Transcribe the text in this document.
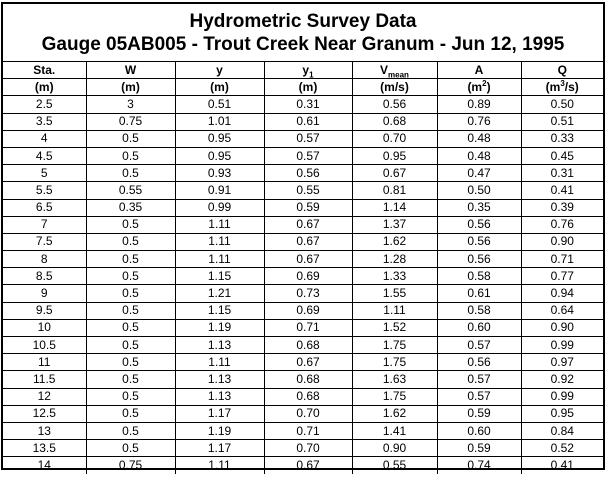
Hydrometric Survey Data
Gauge 05AB005 - Trout Creek Near Granum - Jun 12, 1995
Sta.	W	y	$y_1$	$V_{mean}$	A	Q
(m)	(m)	(m)	(m)	(m/s)	$(m^2)$	$(m^3/s)$
2.5	3	0.51	0.31	0.56	0.89	0.50
3.5	0.75	1.01	0.61	0.68	0.76	0.51
4	0.5	0.95	0.57	0.70	0.48	0.33
4.5	0.5	0.95	0.57	0.95	0.48	0.45
5	0.5	0.93	0.56	0.67	0.47	0.31
5.5	0.55	0.91	0.55	0.81	0.50	0.41
6.5	0.35	0.99	0.59	1.14	0.35	0.39
7	0.5	1.11	0.67	1.37	0.56	0.76
7.5	0.5	1.11	0.67	1.62	0.56	0.90
8	0.5	1.11	0.67	1.28	0.56	0.71
8.5	0.5	1.15	0.69	1.33	0.58	0.77
9	0.5	1.21	0.73	1.55	0.61	0.94
9.5	0.5	1.15	0.69	1.11	0.58	0.64
10	0.5	1.19	0.71	1.52	0.60	0.90
10.5	0.5	1.13	0.68	1.75	0.57	0.99
11	0.5	1.11	0.67	1.75	0.56	0.97
11.5	0.5	1.13	0.68	1.63	0.57	0.92
12	0.5	1.13	0.68	1.75	0.57	0.99
12.5	0.5	1.17	0.70	1.62	0.59	0.95
13	0.5	1.19	0.71	1.41	0.60	0.84
13.5	0.5	1.17	0.70	0.90	0.59	0.52
14	0.75	1.11	0.67	0.55	0.74	0.41
